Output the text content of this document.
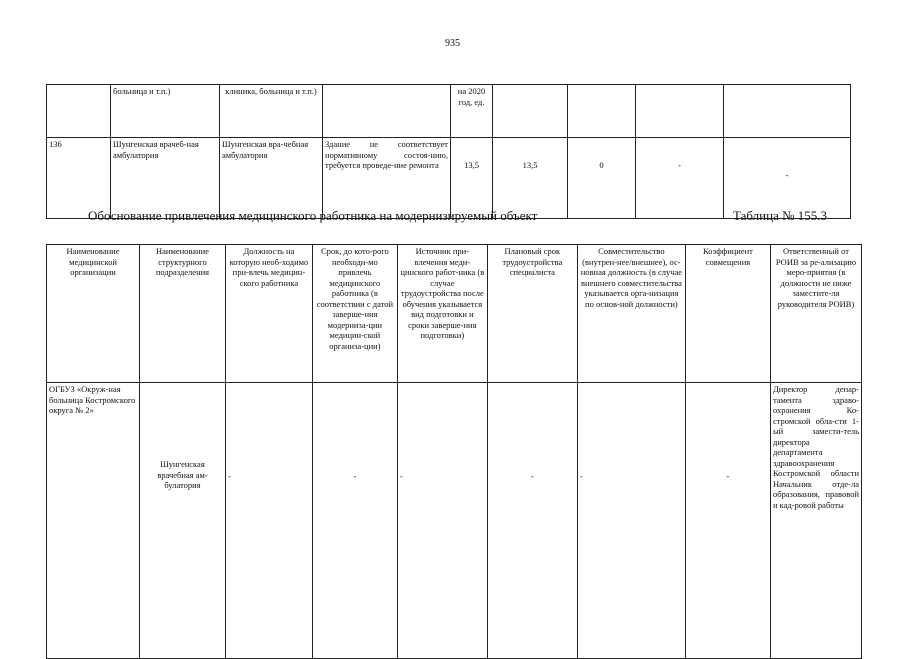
935
	больница и т.п.)	клиника, больница и т.п.)		на 2020 год, ед.				
136	Шунгенская врачеб-ная амбулатория	Шунгенская вра-чебная амбулатория	Здание не соответствует нормативному состоя-нию, требуется проведе-ние ремонта	13,5	13,5	0	-	-
Обоснование привлечения медицинского работника на модернизируемый объект	Таблица № 155.3
Наименование медицинской организации	Наименование структурного подразделения	Должность на которую необ-ходимо при-влечь медицин-ского работника	Срок, до кото-рого необходи-мо привлечь медицинского работника (в соответствии с датой заверше-ния модерниза-ции медицин-ской организа-ции)	Источник при-влечения меди-цинского работ-ника (в случае трудоустройства после обучения указывается вид подготовки и сроки заверше-ния подготовки)	Плановый срок трудоустройства специалиста	Совместительство (внутрен-нее/внешнее), ос-новная должность (в случае внешнего совместительства указывается орга-низация по основ-ной должности)	Коэффициент совмещения	Ответственный от РОИВ за ре-ализацию меро-приятия (в должности не ниже заместите-ля руководителя РОИВ)
ОГБУЗ «Окруж-ная больница Костромского округа № 2»	Шунгенская врачебная ам-булатория	-	-	-	-	-	-	Директор депар-тамента здраво-охранения Ко-стромской обла-сти 1-ый замести-тель директора департамента здравоохранения Костромской области Начальник отде-ла образования, правовой и кад-ровой работы
